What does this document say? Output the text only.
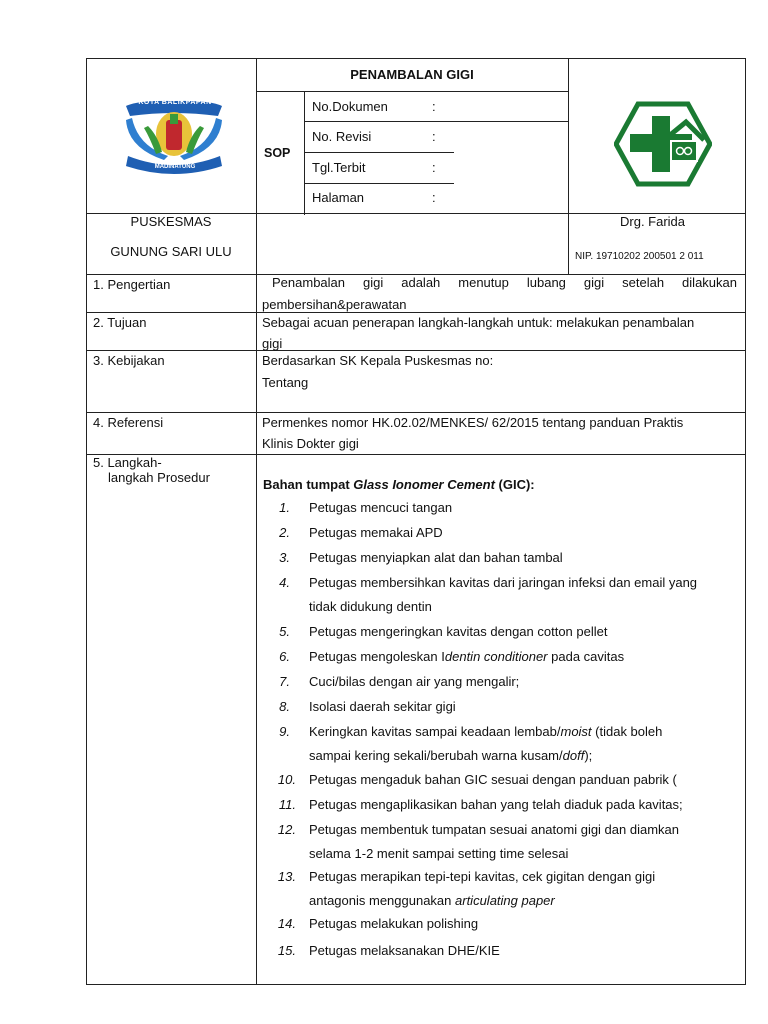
KOTA BALIKPAPAN
MADINATUNG
PENAMBALAN GIGI
SOP
No.Dokumen	:
No. Revisi	:
Tgl.Terbit	:
Halaman	:
PUSKESMAS
GUNUNG SARI ULU
Drg. Farida
NIP. 19710202 200501 2 011
1. Pengertian	Penambalan gigi adalah menutup lubang gigi setelah dilakukan
pembersihan&perawatan
2. Tujuan	Sebagai acuan penerapan langkah-langkah untuk: melakukan penambalan
gigi
3. Kebijakan	Berdasarkan SK Kepala Puskesmas no:
Tentang
4. Referensi	Permenkes nomor HK.02.02/MENKES/ 62/2015 tentang panduan Praktis
Klinis Dokter gigi
5. Langkah-
langkah Prosedur	Bahan tumpat Glass Ionomer Cement (GIC):
1. Petugas mencuci tangan
2. Petugas memakai APD
3. Petugas menyiapkan alat dan bahan tambal
4. Petugas membersihkan kavitas dari jaringan infeksi dan email yang
tidak didukung dentin
5. Petugas mengeringkan kavitas dengan cotton pellet
6. Petugas mengoleskan Identin conditioner pada cavitas
7. Cuci/bilas dengan air yang mengalir;
8. Isolasi daerah sekitar gigi
9. Keringkan kavitas sampai keadaan lembab/moist (tidak boleh
sampai kering sekali/berubah warna kusam/doff);
10. Petugas mengaduk bahan GIC sesuai dengan panduan pabrik (
11. Petugas mengaplikasikan bahan yang telah diaduk pada kavitas;
12. Petugas membentuk tumpatan sesuai anatomi gigi dan diamkan
selama 1-2 menit sampai setting time selesai
13. Petugas merapikan tepi-tepi kavitas, cek gigitan dengan gigi
antagonis menggunakan articulating paper
14. Petugas melakukan polishing
15. Petugas melaksanakan DHE/KIE
